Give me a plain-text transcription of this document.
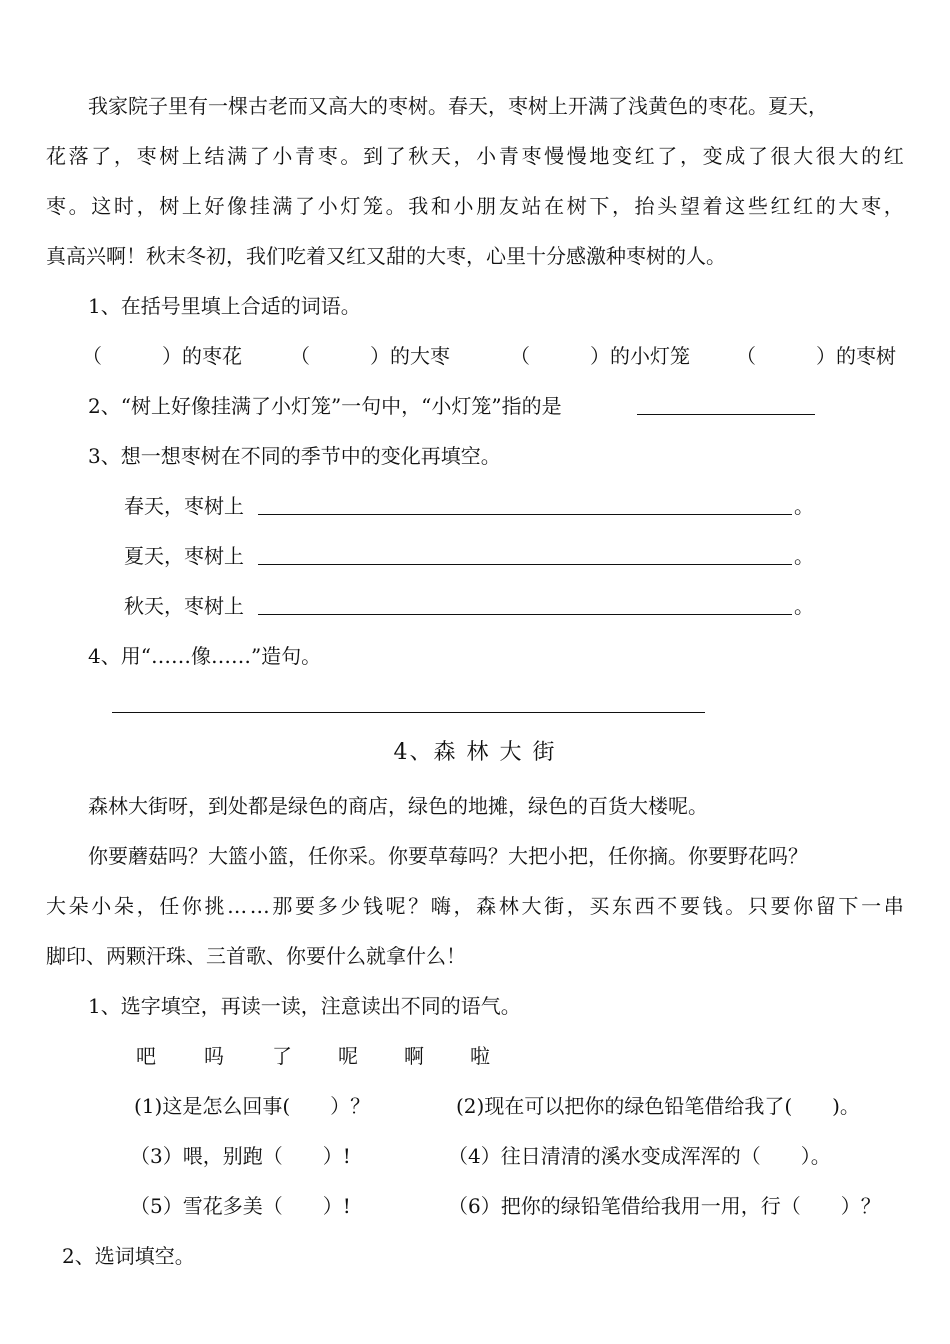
我家院子里有一棵古老而又高大的枣树。春天，枣树上开满了浅黄色的枣花。夏天，
花 落 了 ， 枣 树 上 结 满 了 小 青 枣 。 到 了 秋 天 ， 小 青 枣 慢 慢 地 变 红 了 ， 变 成 了 很 大 很 大 的 红
枣 。 这 时 ， 树 上 好 像 挂 满 了 小 灯 笼 。 我 和 小 朋 友 站 在 树 下 ， 抬 头 望 着 这 些 红 红 的 大 枣 ，
真高兴啊！秋末冬初，我们吃着又红又甜的大枣，心里十分感激种枣树的人。
1、在括号里填上合适的词语。
（　　　）的枣花 （　　　）的大枣	（　　　）的小灯笼 （　　　）的枣树
2、“树上好像挂满了小灯笼”一句中，“小灯笼”指的是
3、想一想枣树在不同的季节中的变化再填空。
春天，枣树上	。
夏天，枣树上	。
秋天，枣树上	。
4、用“……像……”造句。
4、森 林 大 街
森林大街呀，到处都是绿色的商店，绿色的地摊，绿色的百货大楼呢。
你要蘑菇吗？大篮小篮，任你采。你要草莓吗？大把小把，任你摘。你要野花吗？
大 朵 小 朵 ， 任 你 挑 … … 那 要 多 少 钱 呢 ？ 嗨 ， 森 林 大 街 ， 买 东 西 不 要 钱 。 只 要 你 留 下 一 串
脚印、两颗汗珠、三首歌、你要什么就拿什么！
1、选字填空，再读一读，注意读出不同的语气。
吧 吗 了 呢 啊 啦
(1)这是怎么回事(　　）？	(2)现在可以把你的绿色铅笔借给我了(　　)。
（3）喂，别跑（　　）!	（4）往日清清的溪水变成浑浑的（　　）。
（5）雪花多美（　　）!	（6）把你的绿铅笔借给我用一用，行（　　）？
2、选词填空。
